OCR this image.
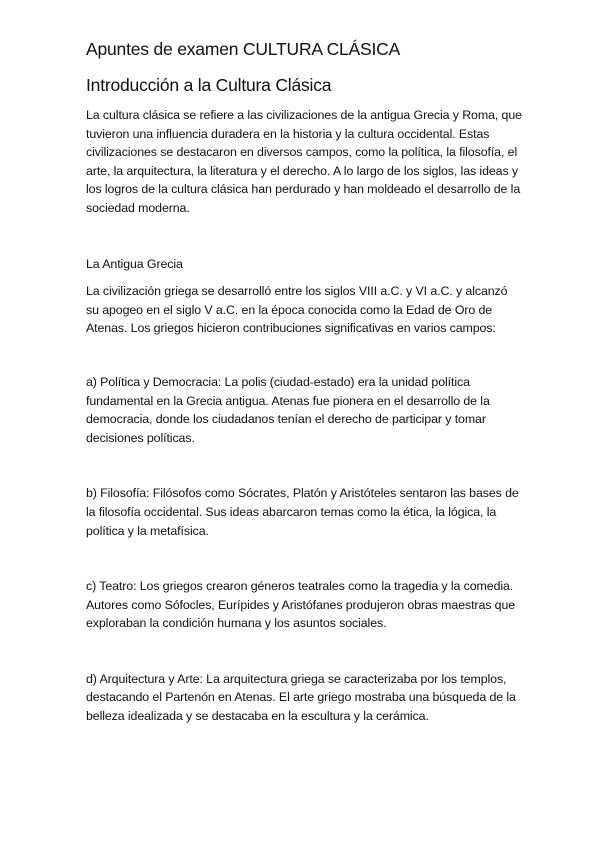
Apuntes de examen CULTURA CLÁSICA
Introducción a la Cultura Clásica

La cultura clásica se refiere a las civilizaciones de la antigua Grecia y Roma, que tuvieron una influencia duradera en la historia y la cultura occidental. Estas civilizaciones se destacaron en diversos campos, como la política, la filosofía, el arte, la arquitectura, la literatura y el derecho. A lo largo de los siglos, las ideas y los logros de la cultura clásica han perdurado y han moldeado el desarrollo de la sociedad moderna.

La Antigua Grecia

La civilización griega se desarrolló entre los siglos VIII a.C. y VI a.C. y alcanzó su apogeo en el siglo V a.C. en la época conocida como la Edad de Oro de Atenas. Los griegos hicieron contribuciones significativas en varios campos:

a) Política y Democracia: La polis (ciudad-estado) era la unidad política fundamental en la Grecia antigua. Atenas fue pionera en el desarrollo de la democracia, donde los ciudadanos tenían el derecho de participar y tomar decisiones políticas.

b) Filosofía: Filósofos como Sócrates, Platón y Aristóteles sentaron las bases de la filosofía occidental. Sus ideas abarcaron temas como la ética, la lógica, la política y la metafísica.

c) Teatro: Los griegos crearon géneros teatrales como la tragedia y la comedia. Autores como Sófocles, Eurípides y Aristófanes produjeron obras maestras que exploraban la condición humana y los asuntos sociales.

d) Arquitectura y Arte: La arquitectura griega se caracterizaba por los templos, destacando el Partenón en Atenas. El arte griego mostraba una búsqueda de la belleza idealizada y se destacaba en la escultura y la cerámica.
